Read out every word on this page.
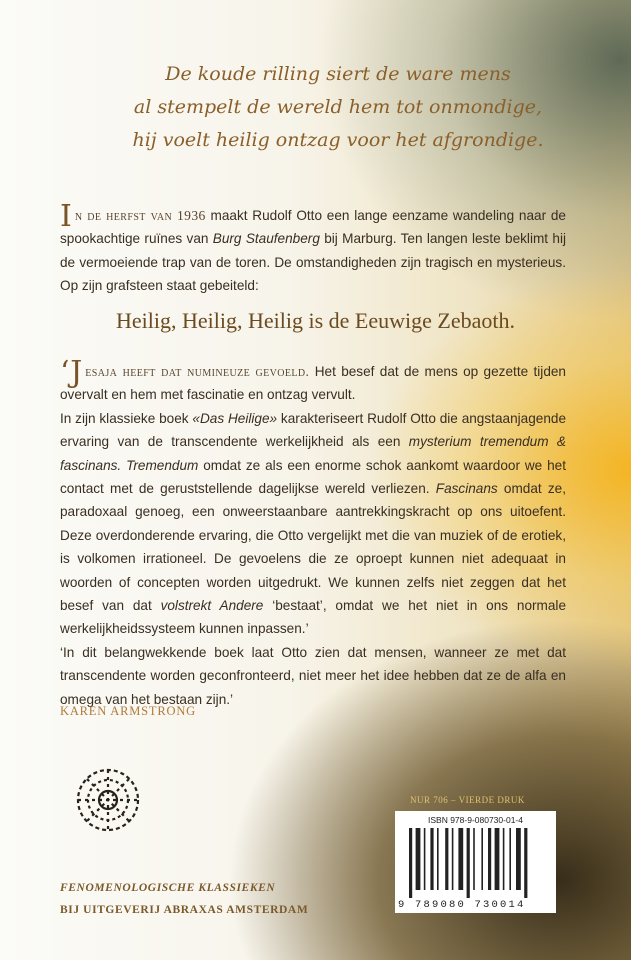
De koude rilling siert de ware mens
al stempelt de wereld hem tot onmondige,
hij voelt heilig ontzag voor het afgrondige.
In de herfst van 1936 maakt Rudolf Otto een lange eenzame wandeling naar de spookachtige ruïnes van Burg Staufenberg bij Marburg. Ten langen leste beklimt hij de vermoeiende trap van de toren. De omstandigheden zijn tragisch en mysterieus. Op zijn grafsteen staat gebeiteld:
Heilig, Heilig, Heilig is de Eeuwige Zebaoth.
‘Jesaja heeft dat numineuze gevoeld. Het besef dat de mens op gezette tijden overvalt en hem met fascinatie en ontzag vervult.
In zijn klassieke boek «Das Heilige» karakteriseert Rudolf Otto die angstaanjagende ervaring van de transcendente werkelijkheid als een mysterium tremendum & fascinans. Tremendum omdat ze als een enorme schok aankomt waardoor we het contact met de geruststellende dagelijkse wereld verliezen. Fascinans omdat ze, paradoxaal genoeg, een onweerstaanbare aantrekkingskracht op ons uitoefent. Deze overdonderende ervaring, die Otto vergelijkt met die van muziek of de erotiek, is volkomen irrationeel. De gevoelens die ze oproept kunnen niet adequaat in woorden of concepten worden uitgedrukt. We kunnen zelfs niet zeggen dat het besef van dat volstrekt Andere ‘bestaat’, omdat we het niet in ons normale werkelijkheidssysteem kunnen inpassen.’
‘In dit belangwekkende boek laat Otto zien dat mensen, wanneer ze met dat transcendente worden geconfronteerd, niet meer het idee hebben dat ze de alfa en omega van het bestaan zijn.’
KAREN ARMSTRONG
FENOMENOLOGISCHE KLASSIEKEN
BIJ UITGEVERIJ ABRAXAS AMSTERDAM
NUR 706 – VIERDE DRUK
ISBN 978-9-080730-01-4
9 789080 730014
